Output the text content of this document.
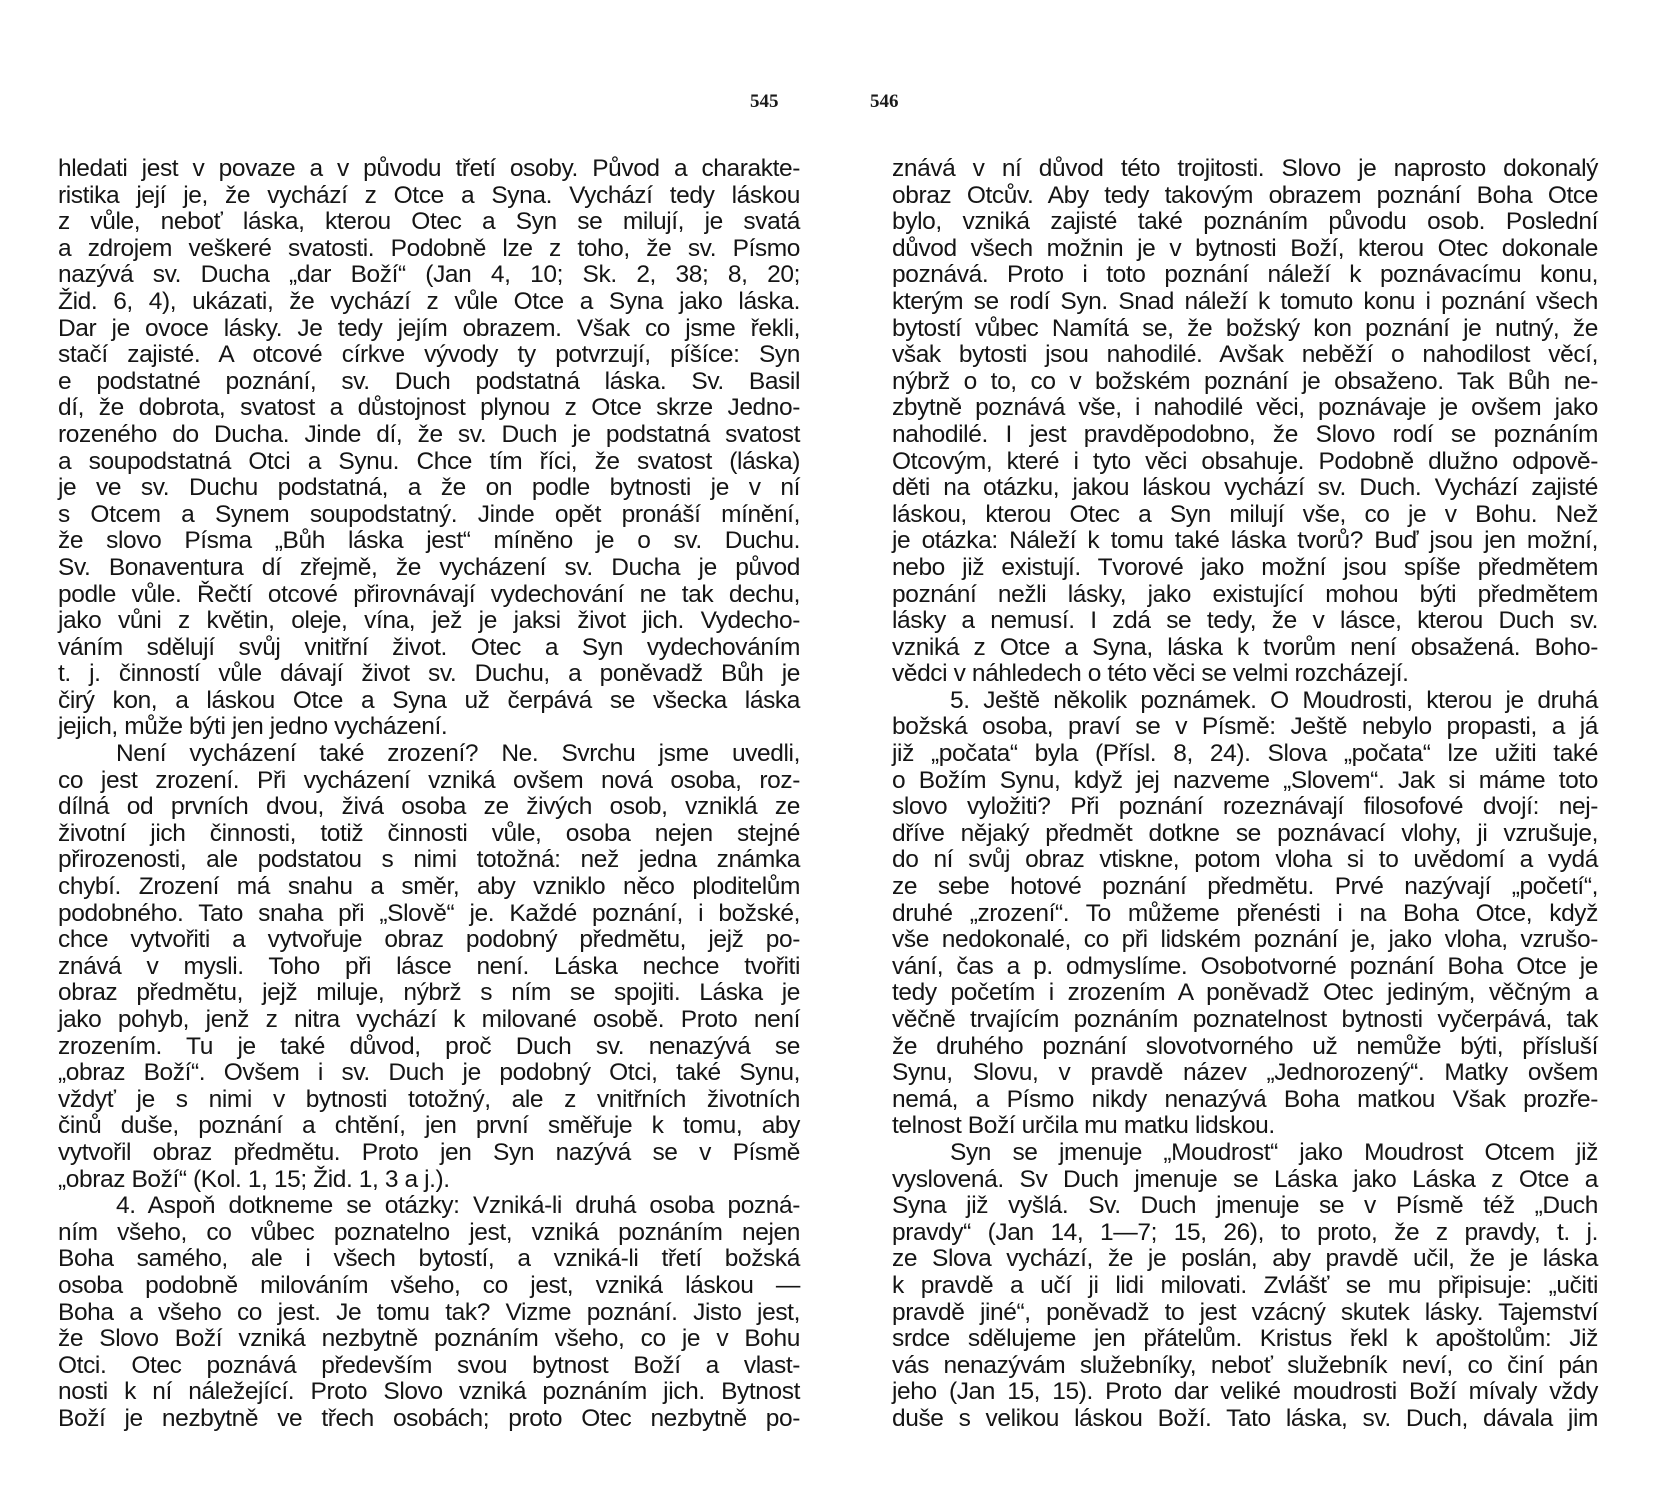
545
hledati jest v povaze a v původu třetí osoby. Původ a charakte-
ristika její je, že vychází z Otce a Syna. Vychází tedy láskou
z vůle, neboť láska, kterou Otec a Syn se milují, je svatá
a zdrojem veškeré svatosti. Podobně lze z toho, že sv. Písmo
nazývá sv. Ducha „dar Boží“ (Jan 4, 10; Sk. 2, 38; 8, 20;
Žid. 6, 4), ukázati, že vychází z vůle Otce a Syna jako láska.
Dar je ovoce lásky. Je tedy jejím obrazem. Však co jsme řekli,
stačí zajisté. A otcové církve vývody ty potvrzují, píšíce: Syn
e podstatné poznání, sv. Duch podstatná láska. Sv. Basil
dí, že dobrota, svatost a důstojnost plynou z Otce skrze Jedno-
rozeného do Ducha. Jinde dí, že sv. Duch je podstatná svatost
a soupodstatná Otci a Synu. Chce tím říci, že svatost (láska)
je ve sv. Duchu podstatná, a že on podle bytnosti je v ní
s Otcem a Synem soupodstatný. Jinde opět pronáší mínění,
že slovo Písma „Bůh láska jest“ míněno je o sv. Duchu.
Sv. Bonaventura dí zřejmě, že vycházení sv. Ducha je původ
podle vůle. Řečtí otcové přirovnávají vydechování ne tak dechu,
jako vůni z květin, oleje, vína, jež je jaksi život jich. Vydecho-
váním sdělují svůj vnitřní život. Otec a Syn vydechováním
t. j. činností vůle dávají život sv. Duchu, a poněvadž Bůh je
čirý kon, a láskou Otce a Syna už čerpává se všecka láska
jejich, může býti jen jedno vycházení.
Není vycházení také zrození? Ne. Svrchu jsme uvedli,
co jest zrození. Při vycházení vzniká ovšem nová osoba, roz-
dílná od prvních dvou, živá osoba ze živých osob, vzniklá ze
životní jich činnosti, totiž činnosti vůle, osoba nejen stejné
přirozenosti, ale podstatou s nimi totožná: než jedna známka
chybí. Zrození má snahu a směr, aby vzniklo něco ploditelům
podobného. Tato snaha při „Slově“ je. Každé poznání, i božské,
chce vytvořiti a vytvořuje obraz podobný předmětu, jejž po-
znává v mysli. Toho při lásce není. Láska nechce tvořiti
obraz předmětu, jejž miluje, nýbrž s ním se spojiti. Láska je
jako pohyb, jenž z nitra vychází k milované osobě. Proto není
zrozením. Tu je také důvod, proč Duch sv. nenazývá se
„obraz Boží“. Ovšem i sv. Duch je podobný Otci, také Synu,
vždyť je s nimi v bytnosti totožný, ale z vnitřních životních
činů duše, poznání a chtění, jen první směřuje k tomu, aby
vytvořil obraz předmětu. Proto jen Syn nazývá se v Písmě
„obraz Boží“ (Kol. 1, 15; Žid. 1, 3 a j.).
4. Aspoň dotkneme se otázky: Vzniká-li druhá osoba pozná-
ním všeho, co vůbec poznatelno jest, vzniká poznáním nejen
Boha samého, ale i všech bytostí, a vzniká-li třetí božská
osoba podobně milováním všeho, co jest, vzniká láskou —
Boha a všeho co jest. Je tomu tak? Vizme poznání. Jisto jest,
že Slovo Boží vzniká nezbytně poznáním všeho, co je v Bohu
Otci. Otec poznává především svou bytnost Boží a vlast-
nosti k ní náležející. Proto Slovo vzniká poznáním jich. Bytnost
Boží je nezbytně ve třech osobách; proto Otec nezbytně po-
546
znává v ní důvod této trojitosti. Slovo je naprosto dokonalý
obraz Otcův. Aby tedy takovým obrazem poznání Boha Otce
bylo, vzniká zajisté také poznáním původu osob. Poslední
důvod všech možnin je v bytnosti Boží, kterou Otec dokonale
poznává. Proto i toto poznání náleží k poznávacímu konu,
kterým se rodí Syn. Snad náleží k tomuto konu i poznání všech
bytostí vůbec Namítá se, že božský kon poznání je nutný, že
však bytosti jsou nahodilé. Avšak neběží o nahodilost věcí,
nýbrž o to, co v božském poznání je obsaženo. Tak Bůh ne-
zbytně poznává vše, i nahodilé věci, poznávaje je ovšem jako
nahodilé. I jest pravděpodobno, že Slovo rodí se poznáním
Otcovým, které i tyto věci obsahuje. Podobně dlužno odpově-
děti na otázku, jakou láskou vychází sv. Duch. Vychází zajisté
láskou, kterou Otec a Syn milují vše, co je v Bohu. Než
je otázka: Náleží k tomu také láska tvorů? Buď jsou jen možní,
nebo již existují. Tvorové jako možní jsou spíše předmětem
poznání nežli lásky, jako existující mohou býti předmětem
lásky a nemusí. I zdá se tedy, že v lásce, kterou Duch sv.
vzniká z Otce a Syna, láska k tvorům není obsažená. Boho-
vědci v náhledech o této věci se velmi rozcházejí.
5. Ještě několik poznámek. O Moudrosti, kterou je druhá
božská osoba, praví se v Písmě: Ještě nebylo propasti, a já
již „počata“ byla (Přísl. 8, 24). Slova „počata“ lze užiti také
o Božím Synu, když jej nazveme „Slovem“. Jak si máme toto
slovo vyložiti? Při poznání rozeznávají filosofové dvojí: nej-
dříve nějaký předmět dotkne se poznávací vlohy, ji vzrušuje,
do ní svůj obraz vtiskne, potom vloha si to uvědomí a vydá
ze sebe hotové poznání předmětu. Prvé nazývají „početí“,
druhé „zrození“. To můžeme přenésti i na Boha Otce, když
vše nedokonalé, co při lidském poznání je, jako vloha, vzrušo-
vání, čas a p. odmyslíme. Osobotvorné poznání Boha Otce je
tedy početím i zrozením A poněvadž Otec jediným, věčným a
věčně trvajícím poznáním poznatelnost bytnosti vyčerpává, tak
že druhého poznání slovotvorného už nemůže býti, přísluší
Synu, Slovu, v pravdě název „Jednorozený“. Matky ovšem
nemá, a Písmo nikdy nenazývá Boha matkou Však prozře-
telnost Boží určila mu matku lidskou.
Syn se jmenuje „Moudrost“ jako Moudrost Otcem již
vyslovená. Sv Duch jmenuje se Láska jako Láska z Otce a
Syna již vyšlá. Sv. Duch jmenuje se v Písmě též „Duch
pravdy“ (Jan 14, 1—7; 15, 26), to proto, že z pravdy, t. j.
ze Slova vychází, že je poslán, aby pravdě učil, že je láska
k pravdě a učí ji lidi milovati. Zvlášť se mu připisuje: „učiti
pravdě jiné“, poněvadž to jest vzácný skutek lásky. Tajemství
srdce sdělujeme jen přátelům. Kristus řekl k apoštolům: Již
vás nenazývám služebníky, neboť služebník neví, co činí pán
jeho (Jan 15, 15). Proto dar veliké moudrosti Boží mívaly vždy
duše s velikou láskou Boží. Tato láska, sv. Duch, dávala jim
